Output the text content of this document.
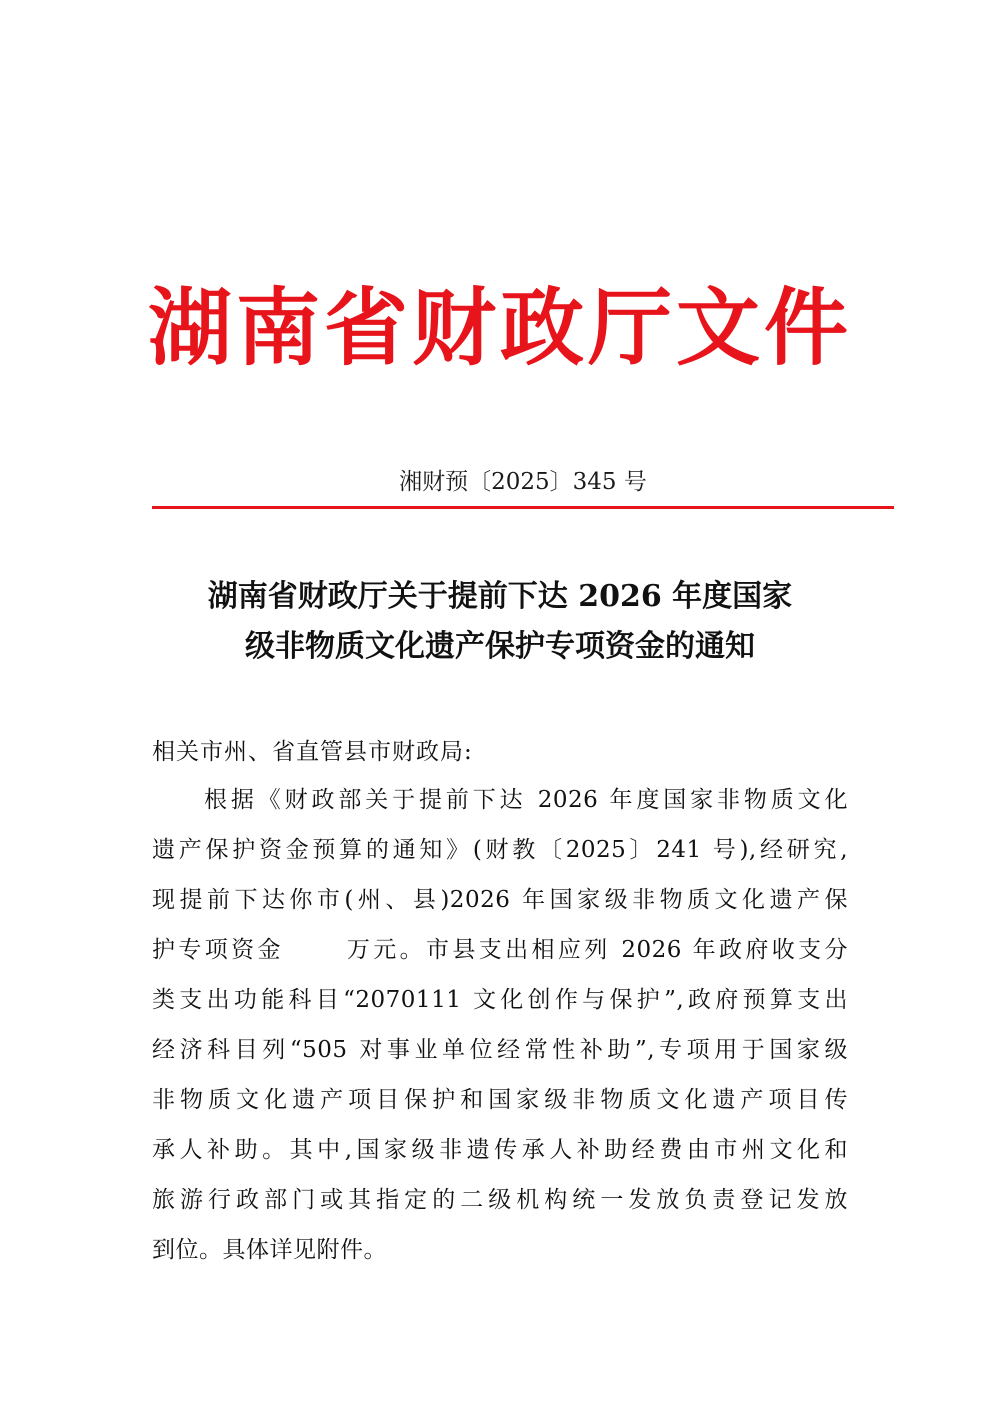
湖南省财政厅文件
湘财预〔2025〕345 号
湖南省财政厅关于提前下达 2026 年度国家
级非物质文化遗产保护专项资金的通知
相关市州、省直管县市财政局:
根据《财政部关于提前下达 2026 年度国家非物质文化
遗产保护资金预算的通知》(财教〔2025〕241 号),经研究,
现提前下达你市(州、县)2026 年国家级非物质文化遗产保
护专项资金	万元。市县支出相应列 2026 年政府收支分
类支出功能科目“2070111 文化创作与保护”,政府预算支出
经济科目列“505 对事业单位经常性补助”,专项用于国家级
非物质文化遗产项目保护和国家级非物质文化遗产项目传
承人补助。其中,国家级非遗传承人补助经费由市州文化和
旅游行政部门或其指定的二级机构统一发放负责登记发放
到位。具体详见附件。
